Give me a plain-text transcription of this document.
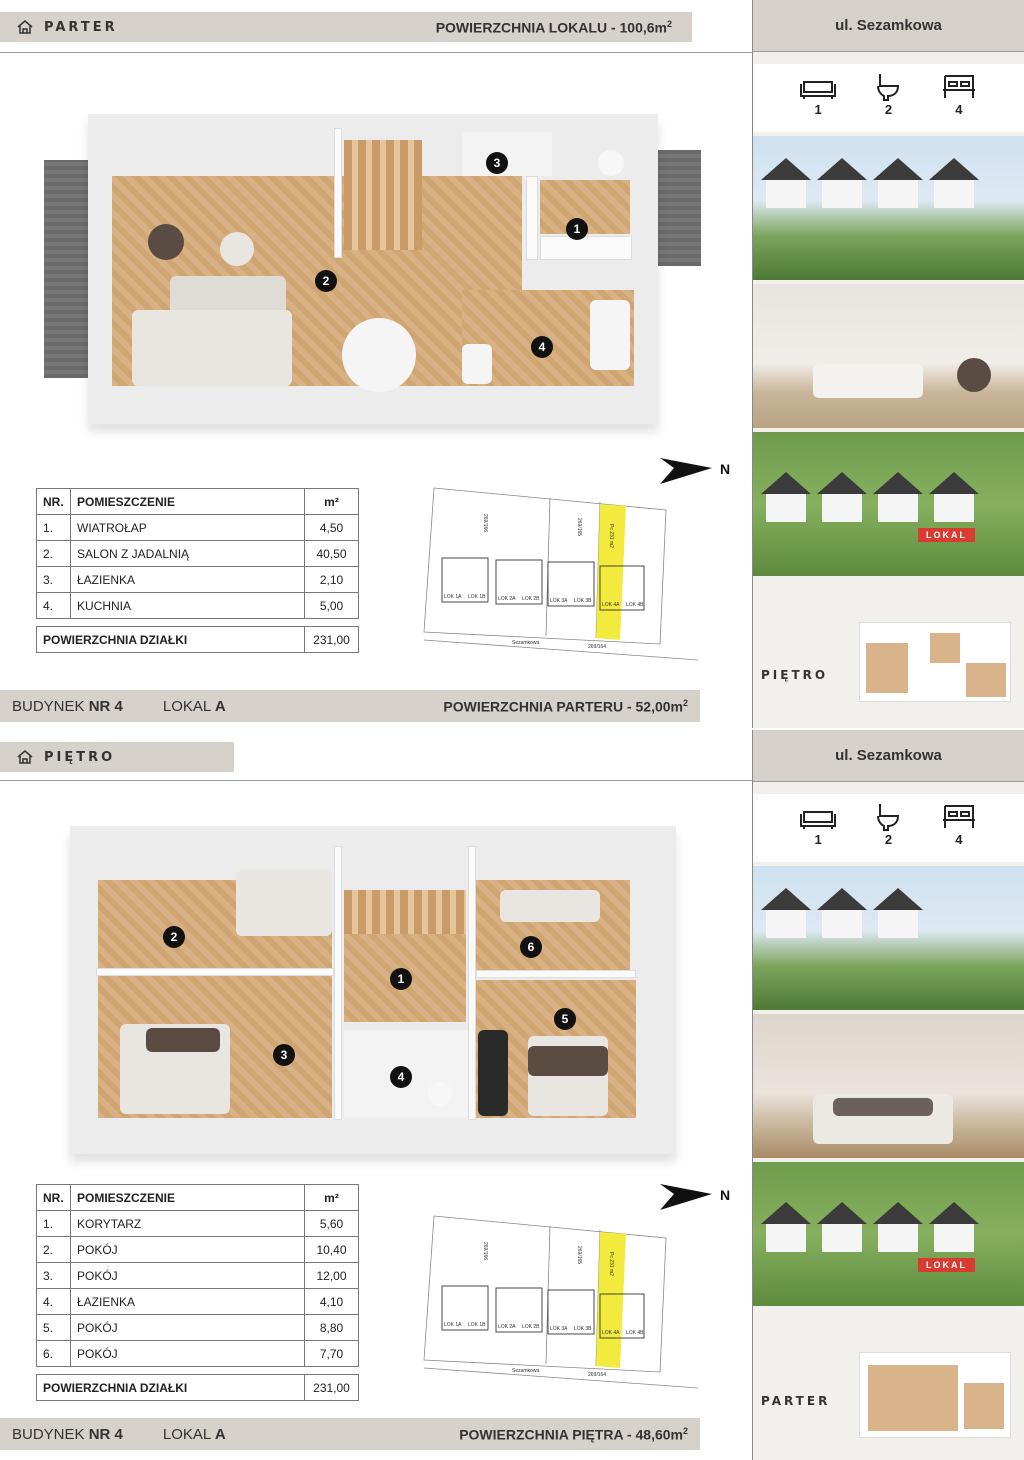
PARTER	POWIERZCHNIA LOKALU - $100,6m^2$
3
1
2
4
NR.	POMIESZCZENIE	m²
1.	WIATROŁAP	4,50
2.	SALON Z JADALNIĄ	40,50
3.	ŁAZIENKA	2,10
4.	KUCHNIA	5,00

POWIERZCHNIA DZIAŁKI		231,00
N
LOK 1A LOK 1B LOK 2A LOK 2B LOK 3A LOK 3B
LOK 4A LOK 4B
Sezamkowa
269/164
269/166	269/165	Pc 231 m2
BUDYNEK NR 4	LOKAL A	POWIERZCHNIA PARTERU - $52,00m^2$
ul. Sezamkowa
1	2	4
LOKAL
PIĘTRO
PIĘTRO
2
6
1
5
3
4
NR.	POMIESZCZENIE	m²
1.	KORYTARZ	5,60
2.	POKÓJ	10,40
3.	POKÓJ	12,00
4.	ŁAZIENKA	4,10
5.	POKÓJ	8,80
6.	POKÓJ	7,70

POWIERZCHNIA DZIAŁKI		231,00
N
LOK 1A LOK 1B LOK 2A LOK 2B LOK 3A LOK 3B
LOK 4A LOK 4B
Sezamkowa
269/164
269/166	269/165	Pc 231 m2
BUDYNEK NR 4	LOKAL A	POWIERZCHNIA PIĘTRA - $48,60m^2$
ul. Sezamkowa
1	2	4
LOKAL
PARTER
